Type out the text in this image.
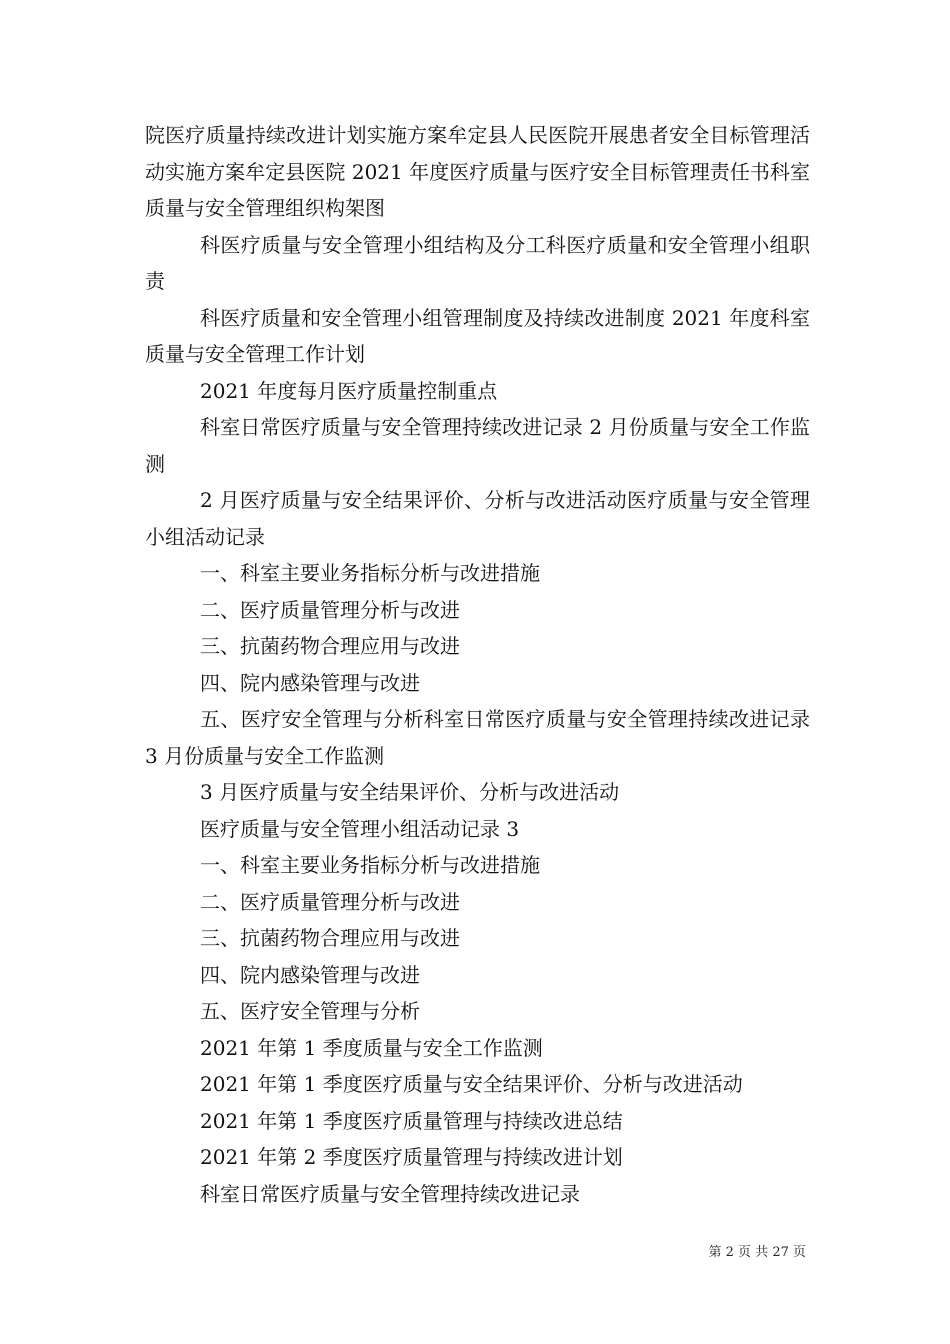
院医疗质量持续改进计划实施方案牟定县人民医院开展患者安全目标管理活动实施方案牟定县医院 2021 年度医疗质量与医疗安全目标管理责任书科室质量与安全管理组织构架图

科医疗质量与安全管理小组结构及分工科医疗质量和安全管理小组职责

科医疗质量和安全管理小组管理制度及持续改进制度 2021 年度科室质量与安全管理工作计划

2021 年度每月医疗质量控制重点

科室日常医疗质量与安全管理持续改进记录 2 月份质量与安全工作监测

2 月医疗质量与安全结果评价、分析与改进活动医疗质量与安全管理小组活动记录

一、科室主要业务指标分析与改进措施

二、医疗质量管理分析与改进

三、抗菌药物合理应用与改进

四、院内感染管理与改进

五、医疗安全管理与分析科室日常医疗质量与安全管理持续改进记录 3 月份质量与安全工作监测

3 月医疗质量与安全结果评价、分析与改进活动

医疗质量与安全管理小组活动记录 3

一、科室主要业务指标分析与改进措施

二、医疗质量管理分析与改进

三、抗菌药物合理应用与改进

四、院内感染管理与改进

五、医疗安全管理与分析

2021 年第 1 季度质量与安全工作监测

2021 年第 1 季度医疗质量与安全结果评价、分析与改进活动

2021 年第 1 季度医疗质量管理与持续改进总结

2021 年第 2 季度医疗质量管理与持续改进计划

科室日常医疗质量与安全管理持续改进记录

第 2 页 共 27 页
